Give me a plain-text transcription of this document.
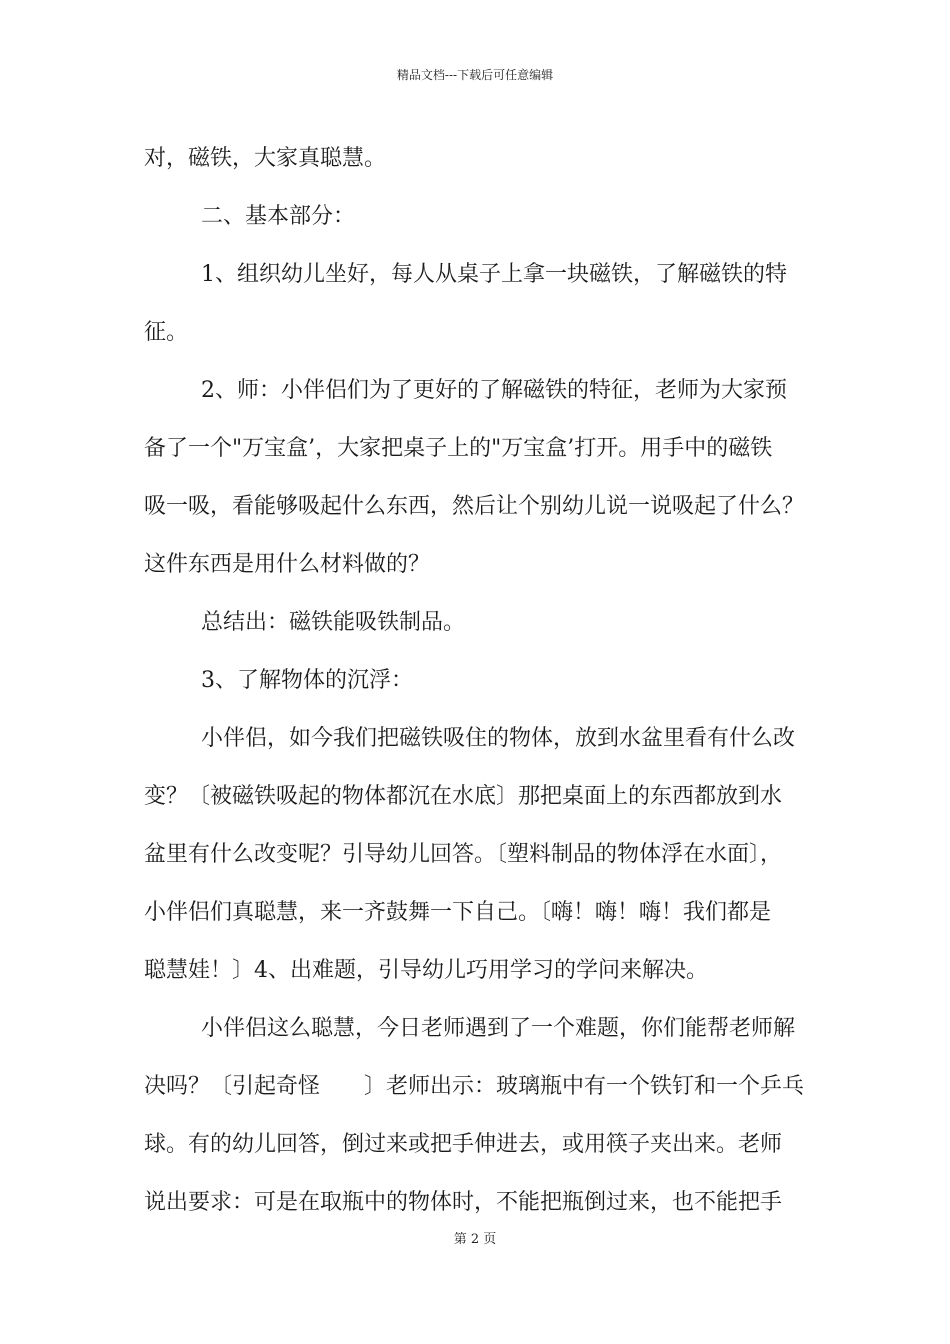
精品文档---下载后可任意编辑
对，磁铁，大家真聪慧。
二、基本部分：
1、组织幼儿坐好，每人从桌子上拿一块磁铁，了解磁铁的特
征。
2、师：小伴侣们为了更好的了解磁铁的特征，老师为大家预
备了一个"万宝盒’，大家把桌子上的"万宝盒’打开。用手中的磁铁
吸一吸，看能够吸起什么东西，然后让个别幼儿说一说吸起了什么？
这件东西是用什么材料做的？
总结出：磁铁能吸铁制品。
3、了解物体的沉浮：
小伴侣，如今我们把磁铁吸住的物体，放到水盆里看有什么改
变？〔被磁铁吸起的物体都沉在水底〕那把桌面上的东西都放到水
盆里有什么改变呢？引导幼儿回答。〔塑料制品的物体浮在水面〕，
小伴侣们真聪慧，来一齐鼓舞一下自己。〔嗨！嗨！嗨！我们都是
聪慧娃！〕4、出难题，引导幼儿巧用学习的学问来解决。
小伴侣这么聪慧，今日老师遇到了一个难题，你们能帮老师解
决吗？〔引起奇怪　　〕老师出示：玻璃瓶中有一个铁钉和一个乒乓
球。有的幼儿回答，倒过来或把手伸进去，或用筷子夹出来。老师
说出要求：可是在取瓶中的物体时，不能把瓶倒过来，也不能把手
第 2 页
